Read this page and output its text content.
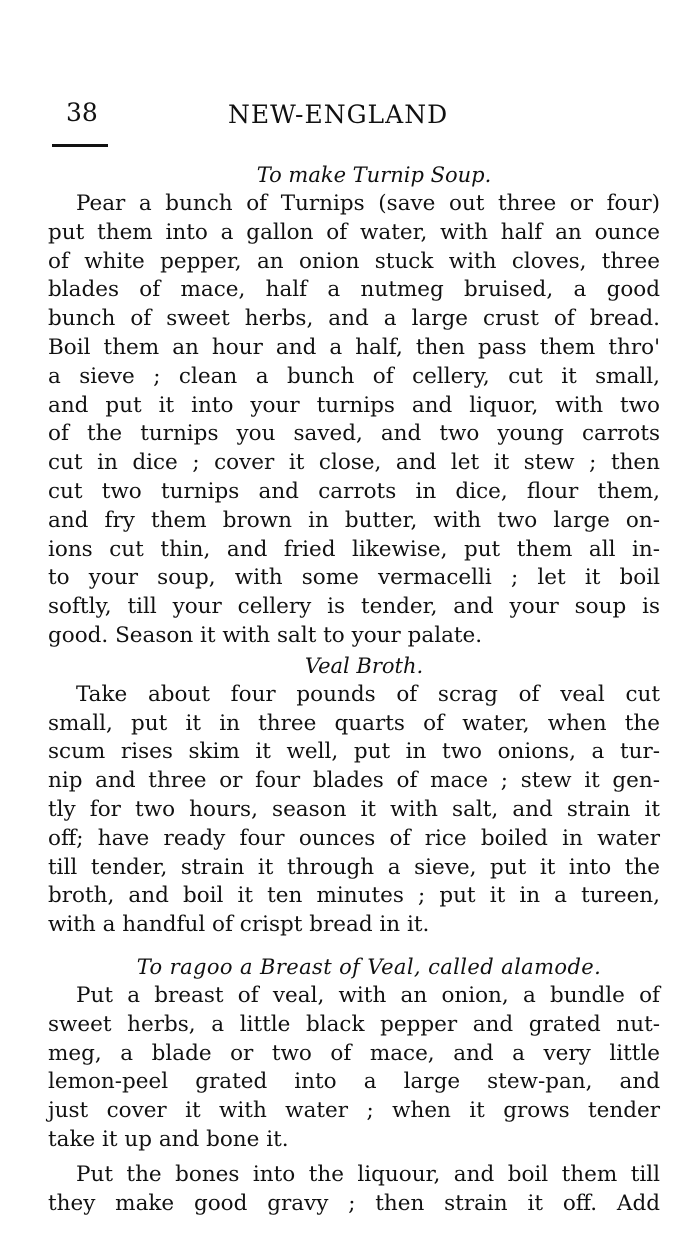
38	NEW-ENGLAND
To make Turnip Soup.
Pear a bunch of Turnips (save out three or four)
put them into a gallon of water, with half an ounce
of white pepper, an onion stuck with cloves, three
blades of mace, half a nutmeg bruised, a good
bunch of sweet herbs, and a large crust of bread.
Boil them an hour and a half, then pass them thro'
a sieve ; clean a bunch of cellery, cut it small,
and put it into your turnips and liquor, with two
of the turnips you saved, and two young carrots
cut in dice ; cover it close, and let it stew ; then
cut two turnips and carrots in dice, flour them,
and fry them brown in butter, with two large on-
ions cut thin, and fried likewise, put them all in-
to your soup, with some vermacelli ; let it boil
softly, till your cellery is tender, and your soup is
good. Season it with salt to your palate.
Veal Broth.
Take about four pounds of scrag of veal cut
small, put it in three quarts of water, when the
scum rises skim it well, put in two onions, a tur-
nip and three or four blades of mace ; stew it gen-
tly for two hours, season it with salt, and strain it
off; have ready four ounces of rice boiled in water
till tender, strain it through a sieve, put it into the
broth, and boil it ten minutes ; put it in a tureen,
with a handful of crispt bread in it.
To ragoo a Breast of Veal, called alamode.
Put a breast of veal, with an onion, a bundle of
sweet herbs, a little black pepper and grated nut-
meg, a blade or two of mace, and a very little
lemon-peel grated into a large stew-pan, and
just cover it with water ; when it grows tender
take it up and bone it.
Put the bones into the liquour, and boil them till
they make good gravy ; then strain it off. Add
